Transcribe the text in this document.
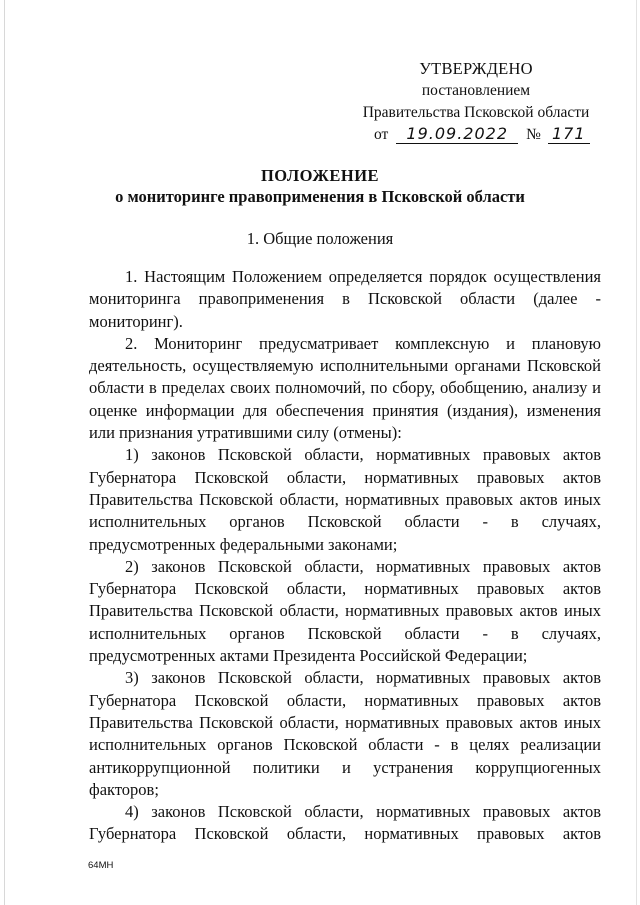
УТВЕРЖДЕНО
постановлением
Правительства Псковской области
от 19.09.2022 № 171
ПОЛОЖЕНИЕ
о мониторинге правоприменения в Псковской области
1. Общие положения

1. Настоящим Положением определяется порядок осуществления мониторинга правоприменения в Псковской области (далее - мониторинг).

2. Мониторинг предусматривает комплексную и плановую деятельность, осуществляемую исполнительными органами Псковской области в пределах своих полномочий, по сбору, обобщению, анализу и оценке информации для обеспечения принятия (издания), изменения или признания утратившими силу (отмены):

1) законов Псковской области, нормативных правовых актов Губернатора Псковской области, нормативных правовых актов Правительства Псковской области, нормативных правовых актов иных исполнительных органов Псковской области - в случаях, предусмотренных федеральными законами;

2) законов Псковской области, нормативных правовых актов Губернатора Псковской области, нормативных правовых актов Правительства Псковской области, нормативных правовых актов иных исполнительных органов Псковской области - в случаях, предусмотренных актами Президента Российской Федерации;

3) законов Псковской области, нормативных правовых актов Губернатора Псковской области, нормативных правовых актов Правительства Псковской области, нормативных правовых актов иных исполнительных органов Псковской области - в целях реализации антикоррупционной политики и устранения коррупциогенных факторов;

4) законов Псковской области, нормативных правовых актов Губернатора Псковской области, нормативных правовых актов

64МН
